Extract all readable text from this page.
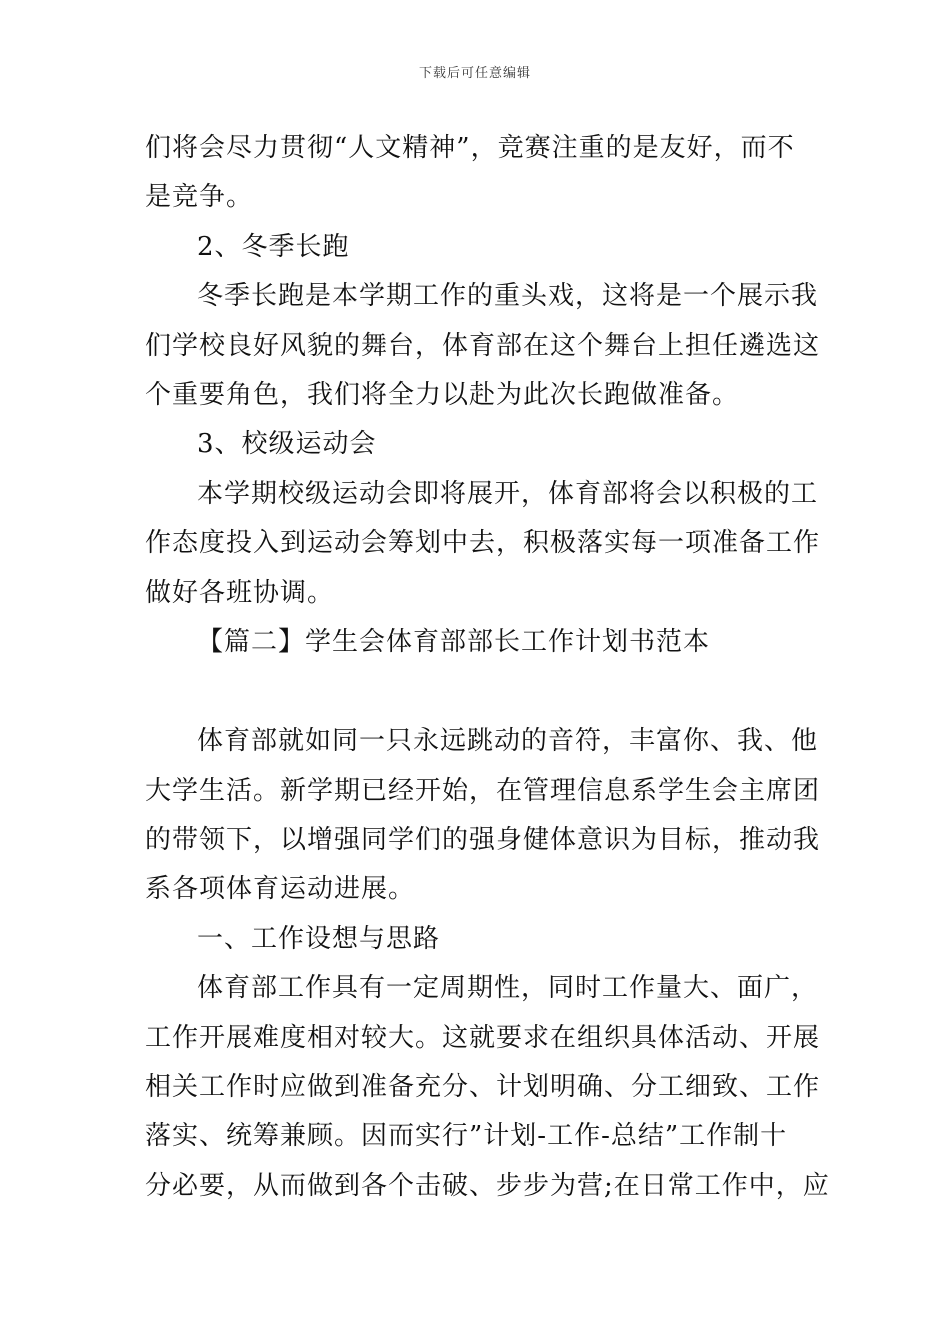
下载后可任意编辑
们将会尽力贯彻“人文精神”，竞赛注重的是友好，而不
是竞争。
2、冬季长跑
冬季长跑是本学期工作的重头戏，这将是一个展示我
们学校良好风貌的舞台，体育部在这个舞台上担任遴选这
个重要角色，我们将全力以赴为此次长跑做准备。
3、校级运动会
本学期校级运动会即将展开，体育部将会以积极的工
作态度投入到运动会筹划中去，积极落实每一项准备工作
做好各班协调。
【篇二】学生会体育部部长工作计划书范本
体育部就如同一只永远跳动的音符，丰富你、我、他
大学生活。新学期已经开始，在管理信息系学生会主席团
的带领下，以增强同学们的强身健体意识为目标，推动我
系各项体育运动进展。
一、工作设想与思路
体育部工作具有一定周期性，同时工作量大、面广，
工作开展难度相对较大。这就要求在组织具体活动、开展
相关工作时应做到准备充分、计划明确、分工细致、工作
落实、统筹兼顾。因而实行”计划-工作-总结”工作制十
分必要，从而做到各个击破、步步为营;在日常工作中，应
